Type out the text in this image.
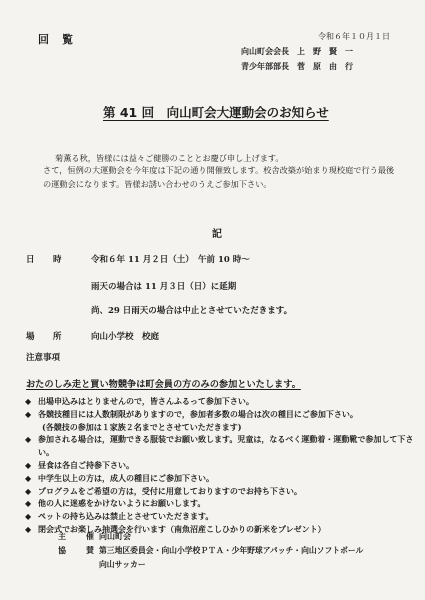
回　覧	令和６年１０月１日
向山町会会長　上　野　賢　一
青少年部部長　菅　原　由　行
第 41 回　向山町会大運動会のお知らせ
菊薫る秋，皆様には益々ご健勝のこととお慶び申し上げます。
さて，恒例の大運動会を今年度は下記の通り開催致します。校舎改築が始まり現校庭で行う最後
の運動会になります。皆様お誘い合わせのうえご参加下さい。
記
日　　時	令和６年 11 月２日（土）　午前 10 時～
雨天の場合は 11 月３日（日）に延期
尚、29 日雨天の場合は中止とさせていただきます。
場　　所	向山小学校　校庭
注意事項
おたのしみ走と買い物競争は町会員の方のみの参加といたします。
◆ 出場申込みはとりませんので，皆さんふるって参加下さい。
◆ 各競技種目には人数制限がありますので，参加者多数の場合は次の種目にご参加下さい。
(各競技の参加は１家族２名までとさせていただきます)
◆ 参加される場合は，運動できる服装でお願い致します。児童は，なるべく運動着・運動靴で参加して下さい。
◆ 昼食は各自ご持参下さい。
◆ 中学生以上の方は，成人の種目にご参加下さい。
◆ プログラムをご希望の方は，受付に用意しておりますのでお持ち下さい。
◆ 他の人に迷惑をかけないようにお願いします。
◆ ペットの持ち込みは禁止とさせていただきます。
◆ 閉会式でお楽しみ抽選会を行います（南魚沼産こしひかりの新米をプレゼント）
主　催 向山町会
協　賛 第三地区委員会・向山小学校ＰＴＡ・少年野球アパッチ・向山ソフトボール
向山サッカー
